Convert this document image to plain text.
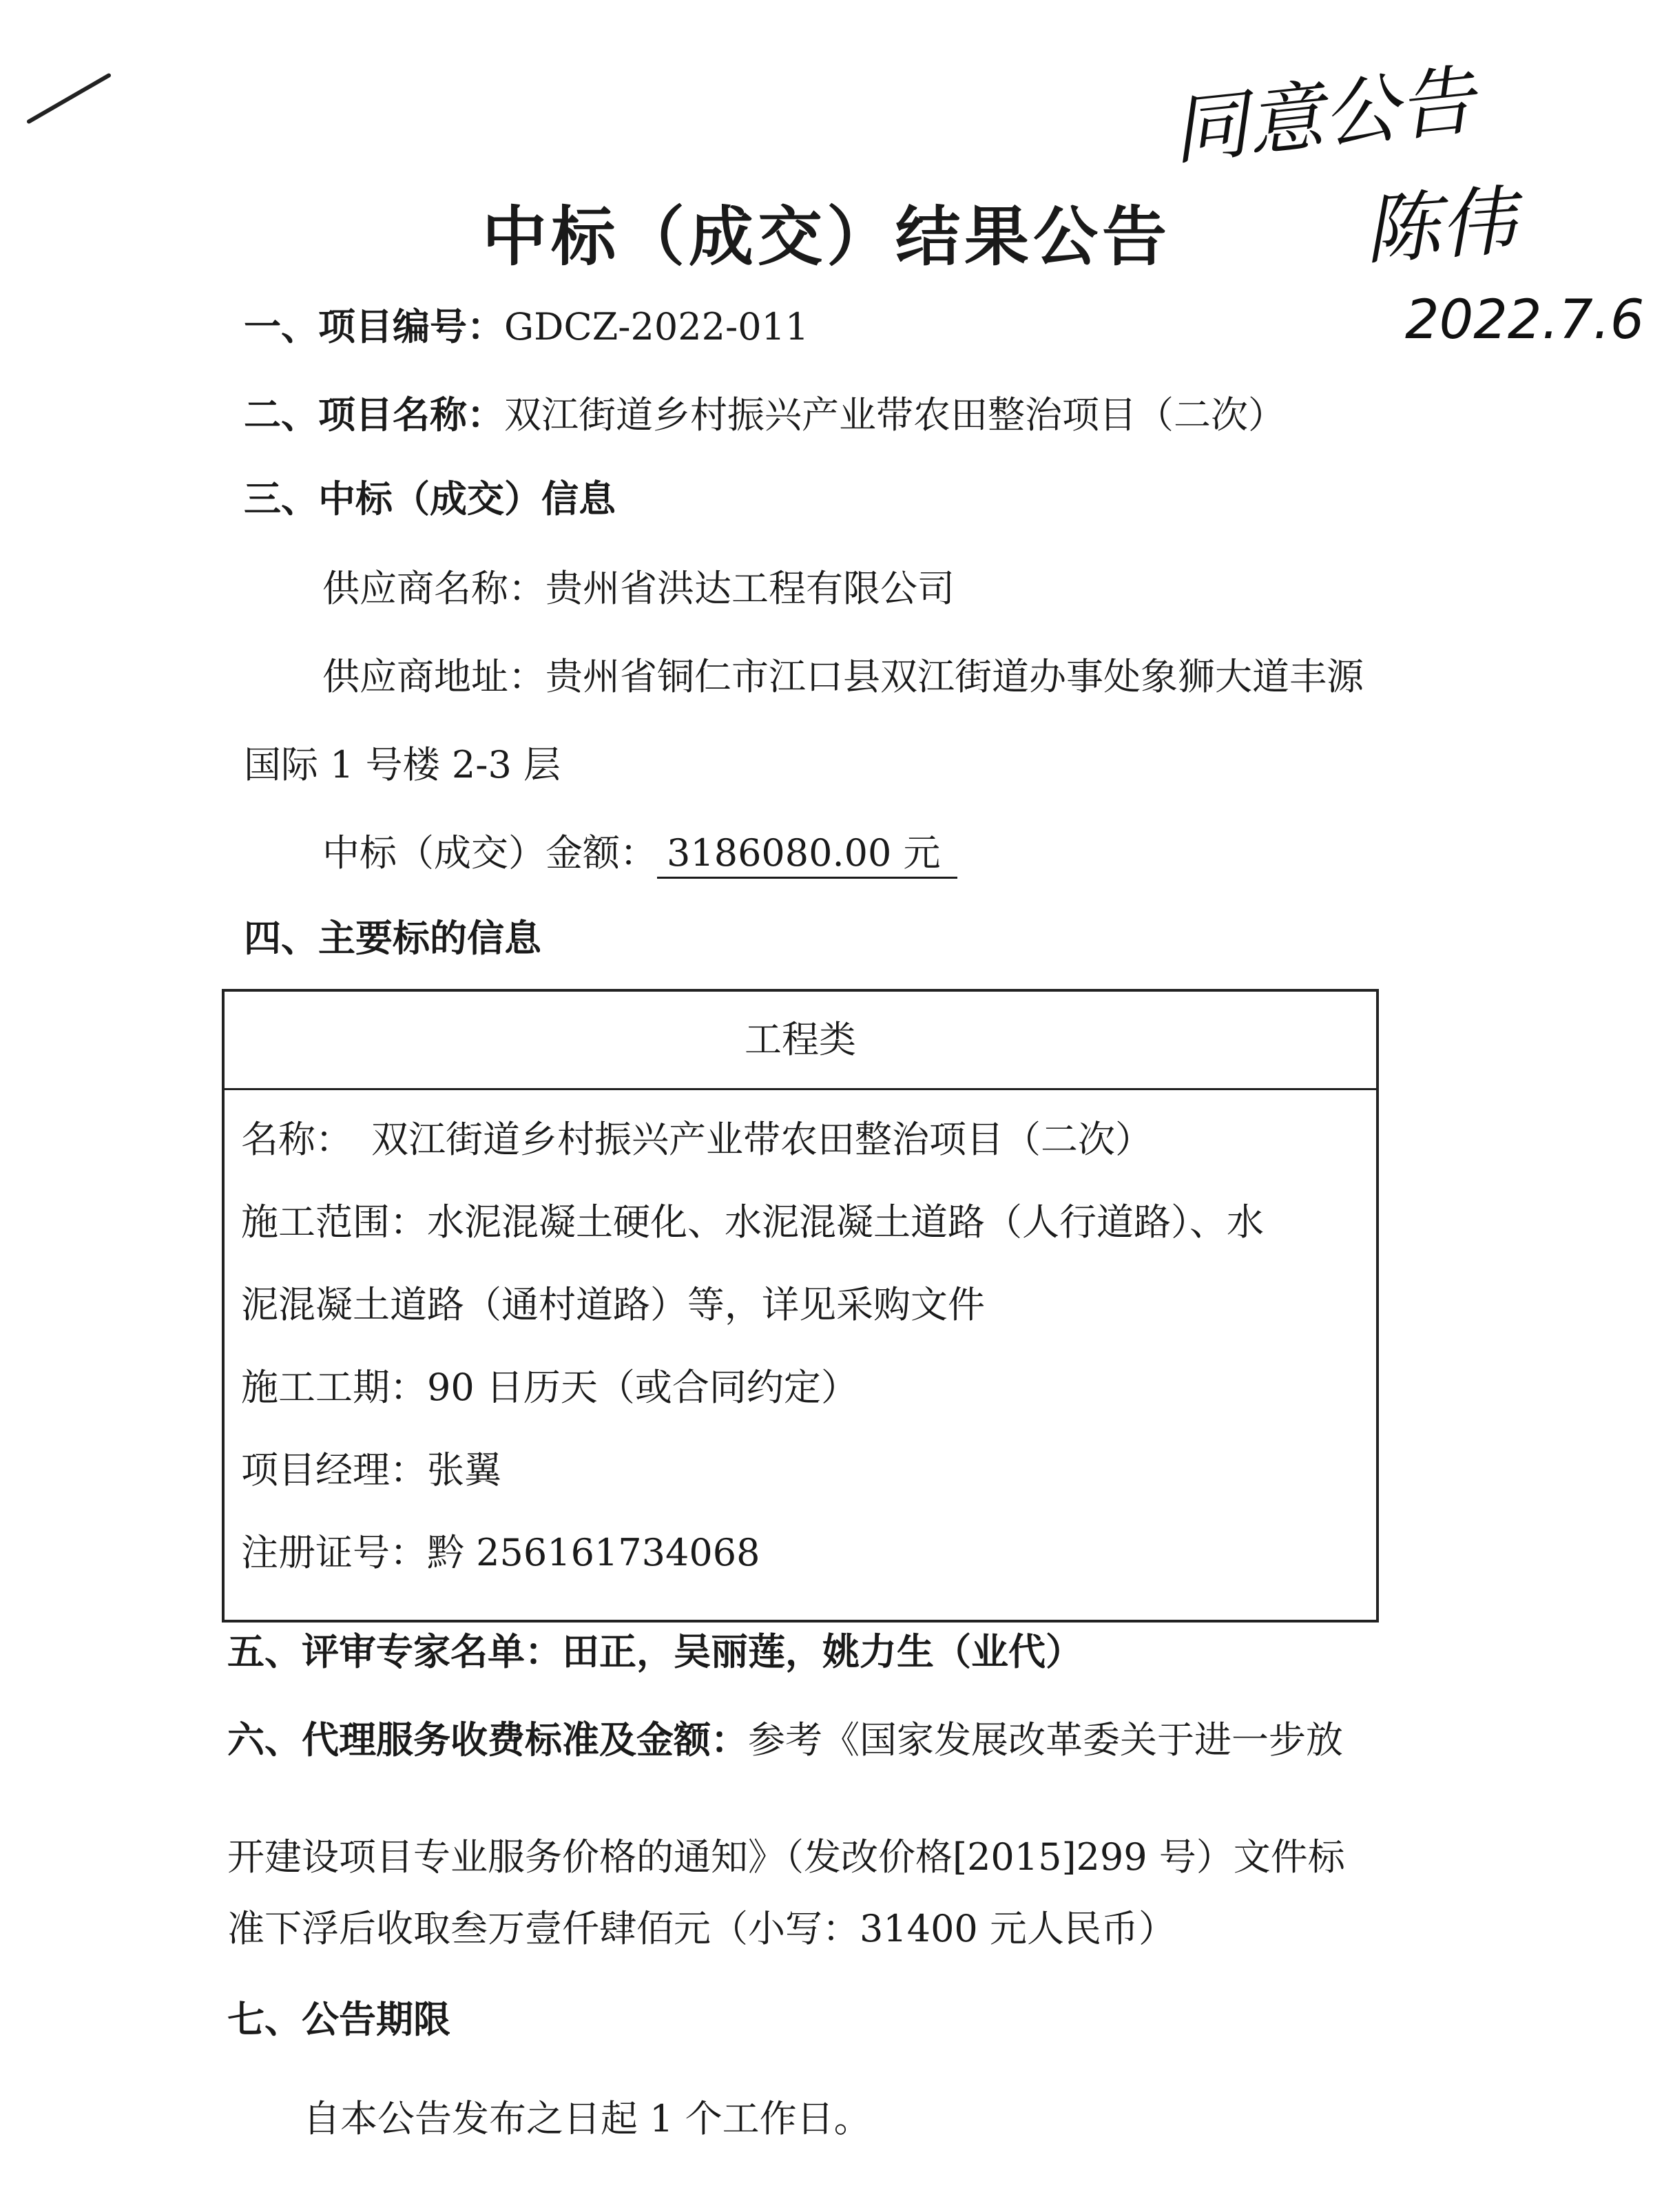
同意公告
陈伟
2022.7.6
中标（成交）结果公告
一、项目编号：GDCZ-2022-011
二、项目名称：双江街道乡村振兴产业带农田整治项目（二次）
三、中标（成交）信息
供应商名称：贵州省洪达工程有限公司
供应商地址：贵州省铜仁市江口县双江街道办事处象狮大道丰源
国际 1 号楼 2-3 层
中标（成交）金额： 3186080.00 元
四、主要标的信息
工程类
名称：　双江街道乡村振兴产业带农田整治项目（二次）
施工范围：水泥混凝土硬化、水泥混凝土道路（人行道路）、水
泥混凝土道路（通村道路）等，详见采购文件
施工工期：90 日历天（或合同约定）
项目经理：张翼
注册证号：黔 256161734068
五、评审专家名单：田正，吴丽莲，姚力生（业代）
六、代理服务收费标准及金额：参考《国家发展改革委关于进一步放
开建设项目专业服务价格的通知》（发改价格[2015]299 号）文件标
准下浮后收取叁万壹仟肆佰元（小写：31400 元人民币）
七、公告期限
自本公告发布之日起 1 个工作日。
